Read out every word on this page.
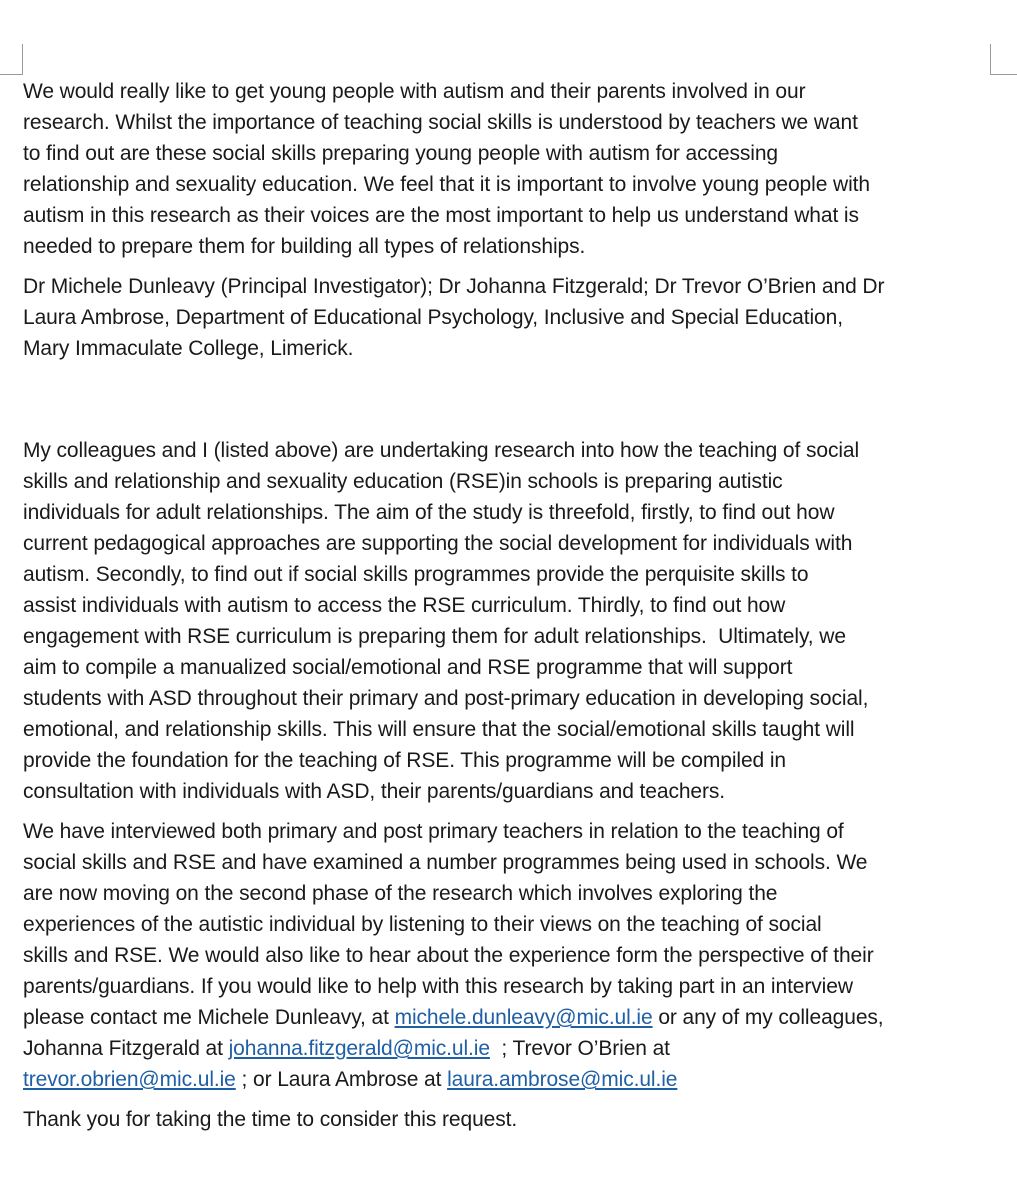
We would really like to get young people with autism and their parents involved in our
research. Whilst the importance of teaching social skills is understood by teachers we want
to find out are these social skills preparing young people with autism for accessing
relationship and sexuality education. We feel that it is important to involve young people with
autism in this research as their voices are the most important to help us understand what is
needed to prepare them for building all types of relationships.

Dr Michele Dunleavy (Principal Investigator); Dr Johanna Fitzgerald; Dr Trevor O’Brien and Dr
Laura Ambrose, Department of Educational Psychology, Inclusive and Special Education,
Mary Immaculate College, Limerick.

My colleagues and I (listed above) are undertaking research into how the teaching of social
skills and relationship and sexuality education (RSE)in schools is preparing autistic
individuals for adult relationships. The aim of the study is threefold, firstly, to find out how
current pedagogical approaches are supporting the social development for individuals with
autism. Secondly, to find out if social skills programmes provide the perquisite skills to
assist individuals with autism to access the RSE curriculum. Thirdly, to find out how
engagement with RSE curriculum is preparing them for adult relationships.  Ultimately, we
aim to compile a manualized social/emotional and RSE programme that will support
students with ASD throughout their primary and post-primary education in developing social,
emotional, and relationship skills. This will ensure that the social/emotional skills taught will
provide the foundation for the teaching of RSE. This programme will be compiled in
consultation with individuals with ASD, their parents/guardians and teachers.

We have interviewed both primary and post primary teachers in relation to the teaching of
social skills and RSE and have examined a number programmes being used in schools. We
are now moving on the second phase of the research which involves exploring the
experiences of the autistic individual by listening to their views on the teaching of social
skills and RSE. We would also like to hear about the experience form the perspective of their
parents/guardians. If you would like to help with this research by taking part in an interview
please contact me Michele Dunleavy, at michele.dunleavy@mic.ul.ie or any of my colleagues,
Johanna Fitzgerald at johanna.fitzgerald@mic.ul.ie  ; Trevor O’Brien at
trevor.obrien@mic.ul.ie ; or Laura Ambrose at laura.ambrose@mic.ul.ie

Thank you for taking the time to consider this request.
